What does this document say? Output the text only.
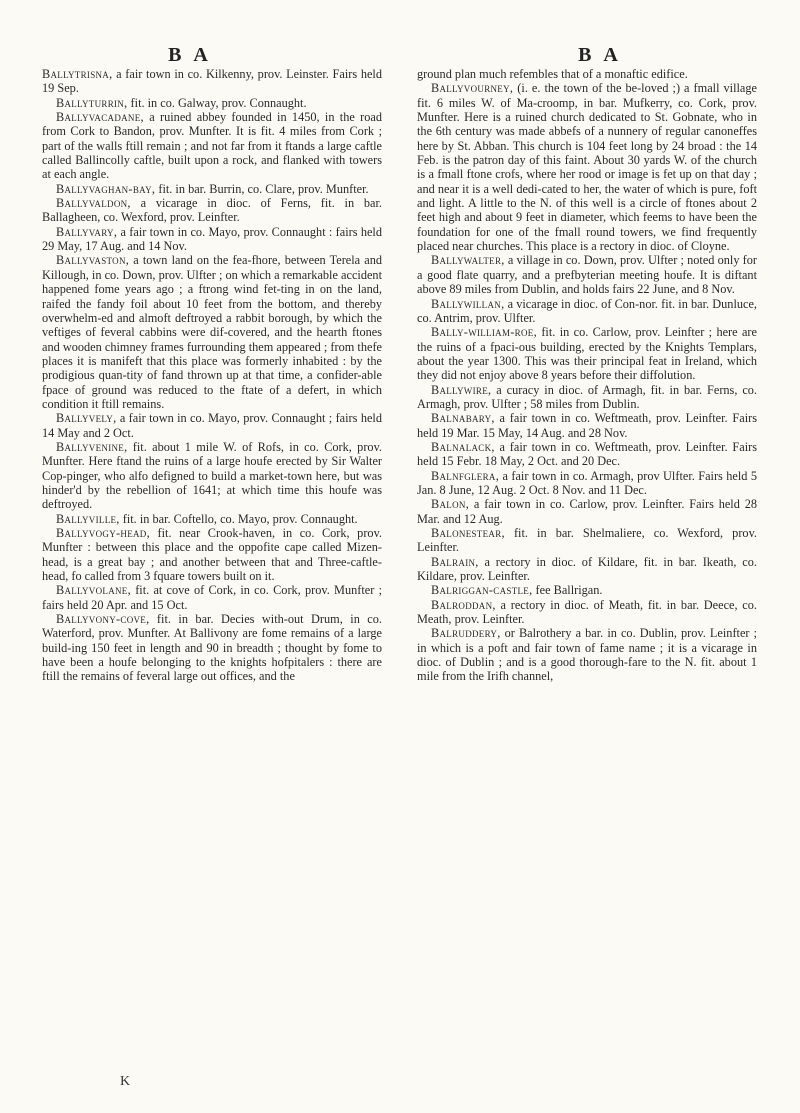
B A	B A

Ballytrisna, a fair town in co. Kilkenny, prov. Leinster. Fairs held 19 Sep.

Ballyturrin, fit. in co. Galway, prov. Connaught.

Ballyvacadane, a ruined abbey founded in 1450, in the road from Cork to Bandon, prov. Munfter. It is fit. 4 miles from Cork ; part of the walls ftill remain ; and not far from it ftands a large caftle called Ballincolly caftle, built upon a rock, and flanked with towers at each angle.

Ballyvaghan-bay, fit. in bar. Burrin, co. Clare, prov. Munfter.

Ballyvaldon, a vicarage in dioc. of Ferns, fit. in bar. Ballagheen, co. Wexford, prov. Leinfter.

Ballyvary, a fair town in co. Mayo, prov. Connaught : fairs held 29 May, 17 Aug. and 14 Nov.

Ballyvaston, a town land on the fea-fhore, between Terela and Killough, in co. Down, prov. Ulfter ; on which a remarkable accident happened fome years ago ; a ftrong wind fet-ting in on the land, raifed the fandy foil about 10 feet from the bottom, and thereby overwhelm-ed and almoft deftroyed a rabbit borough, by which the veftiges of feveral cabbins were dif-covered, and the hearth ftones and wooden chimney frames furrounding them appeared ; from thefe places it is manifeft that this place was formerly inhabited : by the prodigious quan-tity of fand thrown up at that time, a confider-able fpace of ground was reduced to the ftate of a defert, in which condition it ftill remains.

Ballyvely, a fair town in co. Mayo, prov. Connaught ; fairs held 14 May and 2 Oct.

Ballyvenine, fit. about 1 mile W. of Rofs, in co. Cork, prov. Munfter. Here ftand the ruins of a large houfe erected by Sir Walter Cop-pinger, who alfo defigned to build a market-town here, but was hinder'd by the rebellion of 1641; at which time this houfe was deftroyed.

Ballyville, fit. in bar. Coftello, co. Mayo, prov. Connaught.

Ballyvogy-head, fit. near Crook-haven, in co. Cork, prov. Munfter : between this place and the oppofite cape called Mizen-head, is a great bay ; and another between that and Three-caftle-head, fo called from 3 fquare towers built on it.

Ballyvolane, fit. at cove of Cork, in co. Cork, prov. Munfter ; fairs held 20 Apr. and 15 Oct.

Ballyvony-cove, fit. in bar. Decies with-out Drum, in co. Waterford, prov. Munfter. At Ballivony are fome remains of a large build-ing 150 feet in length and 90 in breadth ; thought by fome to have been a houfe belonging to the knights hofpitalers : there are ftill the remains of feveral large out offices, and the

ground plan much refembles that of a monaftic edifice.

Ballyvourney, (i. e. the town of the be-loved ;) a fmall village fit. 6 miles W. of Ma-croomp, in bar. Mufkerry, co. Cork, prov. Munfter. Here is a ruined church dedicated to St. Gobnate, who in the 6th century was made abbefs of a nunnery of regular canoneffes here by St. Abban. This church is 104 feet long by 24 broad : the 14 Feb. is the patron day of this faint. About 30 yards W. of the church is a fmall ftone crofs, where her rood or image is fet up on that day ; and near it is a well dedi-cated to her, the water of which is pure, foft and light. A little to the N. of this well is a circle of ftones about 2 feet high and about 9 feet in diameter, which feems to have been the foundation for one of the fmall round towers, we find frequently placed near churches. This place is a rectory in dioc. of Cloyne.

Ballywalter, a village in co. Down, prov. Ulfter ; noted only for a good flate quarry, and a prefbyterian meeting houfe. It is diftant above 89 miles from Dublin, and holds fairs 22 June, and 8 Nov.

Ballywillan, a vicarage in dioc. of Con-nor. fit. in bar. Dunluce, co. Antrim, prov. Ulfter.

Bally-william-roe, fit. in co. Carlow, prov. Leinfter ; here are the ruins of a fpaci-ous building, erected by the Knights Templars, about the year 1300. This was their principal feat in Ireland, which they did not enjoy above 8 years before their diffolution.

Ballywire, a curacy in dioc. of Armagh, fit. in bar. Ferns, co. Armagh, prov. Ulfter ; 58 miles from Dublin.

Balnabary, a fair town in co. Weftmeath, prov. Leinfter. Fairs held 19 Mar. 15 May, 14 Aug. and 28 Nov.

Balnalack, a fair town in co. Weftmeath, prov. Leinfter. Fairs held 15 Febr. 18 May, 2 Oct. and 20 Dec.

Balnfglera, a fair town in co. Armagh, prov Ulfter. Fairs held 5 Jan. 8 June, 12 Aug. 2 Oct. 8 Nov. and 11 Dec.

Balon, a fair town in co. Carlow, prov. Leinfter. Fairs held 28 Mar. and 12 Aug.

Balonestear, fit. in bar. Shelmaliere, co. Wexford, prov. Leinfter.

Balrain, a rectory in dioc. of Kildare, fit. in bar. Ikeath, co. Kildare, prov. Leinfter.

Balriggan-castle, fee Ballrigan.

Balroddan, a rectory in dioc. of Meath, fit. in bar. Deece, co. Meath, prov. Leinfter.

Balruddery, or Balrothery a bar. in co. Dublin, prov. Leinfter ; in which is a poft and fair town of fame name ; it is a vicarage in dioc. of Dublin ; and is a good thorough-fare to the N. fit. about 1 mile from the Irifh channel,

K
